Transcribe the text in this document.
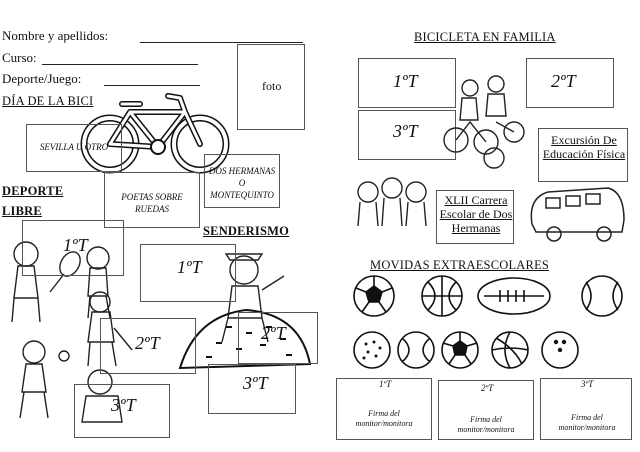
Nombre y apellidos:
Curso:
Deporte/Juego:	foto
DÍA DE LA BICI
SEVILLA U OTRO
DOS HERMANAS O MONTEQUINTO
POETAS SOBRE RUEDAS
DEPORTE
LIBRE
SENDERISMO
1ºT
1ºT
2ºT	2ºT
3ºT
3ºT
BICICLETA EN FAMILIA
1ºT	2ºT
3ºT	Excursión De Educación Física
XLII Carrera Escolar de Dos Hermanas
MOVIDAS EXTRAESCOLARES
1ºT
Firma del monitor/monitora
2ºT
Firma del monitor/monitora
3ºT
Firma del monitor/monitora
